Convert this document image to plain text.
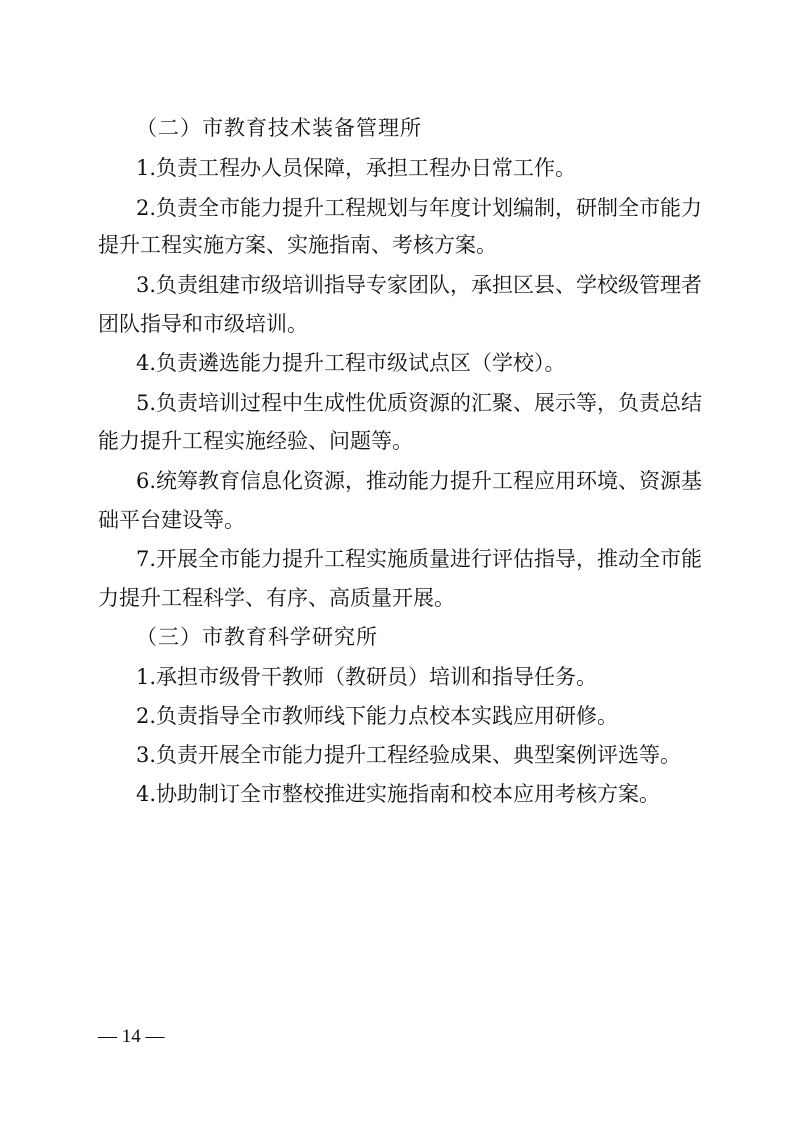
（二）市教育技术装备管理所
1.负责工程办人员保障，承担工程办日常工作。
2.负责全市能力提升工程规划与年度计划编制，研制全市能力
提升工程实施方案、实施指南、考核方案。
3.负责组建市级培训指导专家团队，承担区县、学校级管理者
团队指导和市级培训。
4.负责遴选能力提升工程市级试点区（学校）。
5.负责培训过程中生成性优质资源的汇聚、展示等，负责总结
能力提升工程实施经验、问题等。
6.统筹教育信息化资源，推动能力提升工程应用环境、资源基
础平台建设等。
7.开展全市能力提升工程实施质量进行评估指导，推动全市能
力提升工程科学、有序、高质量开展。
（三）市教育科学研究所
1.承担市级骨干教师（教研员）培训和指导任务。
2.负责指导全市教师线下能力点校本实践应用研修。
3.负责开展全市能力提升工程经验成果、典型案例评选等。
4.协助制订全市整校推进实施指南和校本应用考核方案。
— 14 —
